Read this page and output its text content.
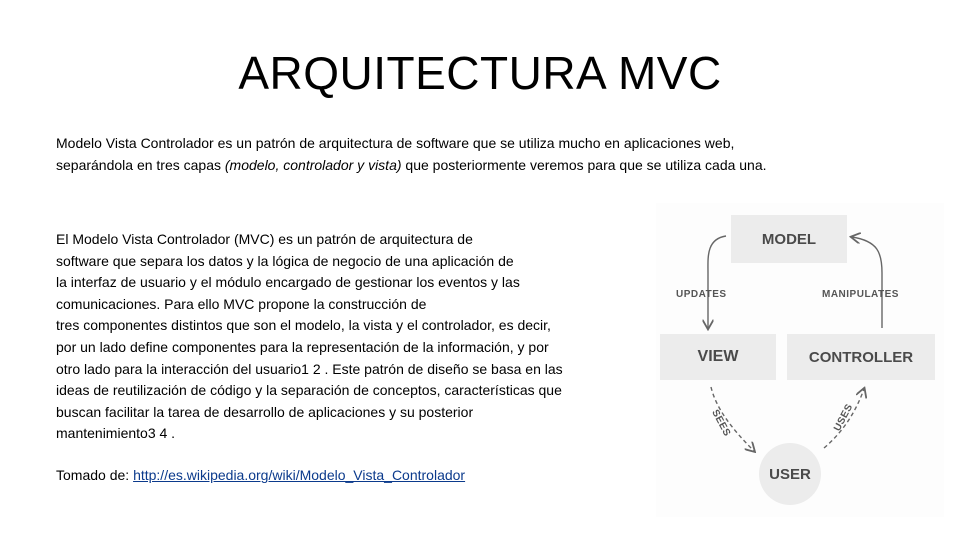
ARQUITECTURA MVC

Modelo Vista Controlador es un patrón de arquitectura de software que se utiliza mucho en aplicaciones web,

separándola en tres capas (modelo, controlador y vista) que posteriormente veremos para que se utiliza cada una.

El Modelo Vista Controlador (MVC) es un patrón de arquitectura de
software que separa los datos y la lógica de negocio de una aplicación de
la interfaz de usuario y el módulo encargado de gestionar los eventos y las
comunicaciones. Para ello MVC propone la construcción de
tres componentes distintos que son el modelo, la vista y el controlador, es decir,
por un lado define componentes para la representación de la información, y por
otro lado para la interacción del usuario1 2 . Este patrón de diseño se basa en las
ideas de reutilización de código y la separación de conceptos, características que
buscan facilitar la tarea de desarrollo de aplicaciones y su posterior
mantenimiento3 4 .
Tomado de: http://es.wikipedia.org/wiki/Modelo_Vista_Controlador
MODEL
VIEW	CONTROLLER
USER
UPDATES	MANIPULATES
SEES	USES
